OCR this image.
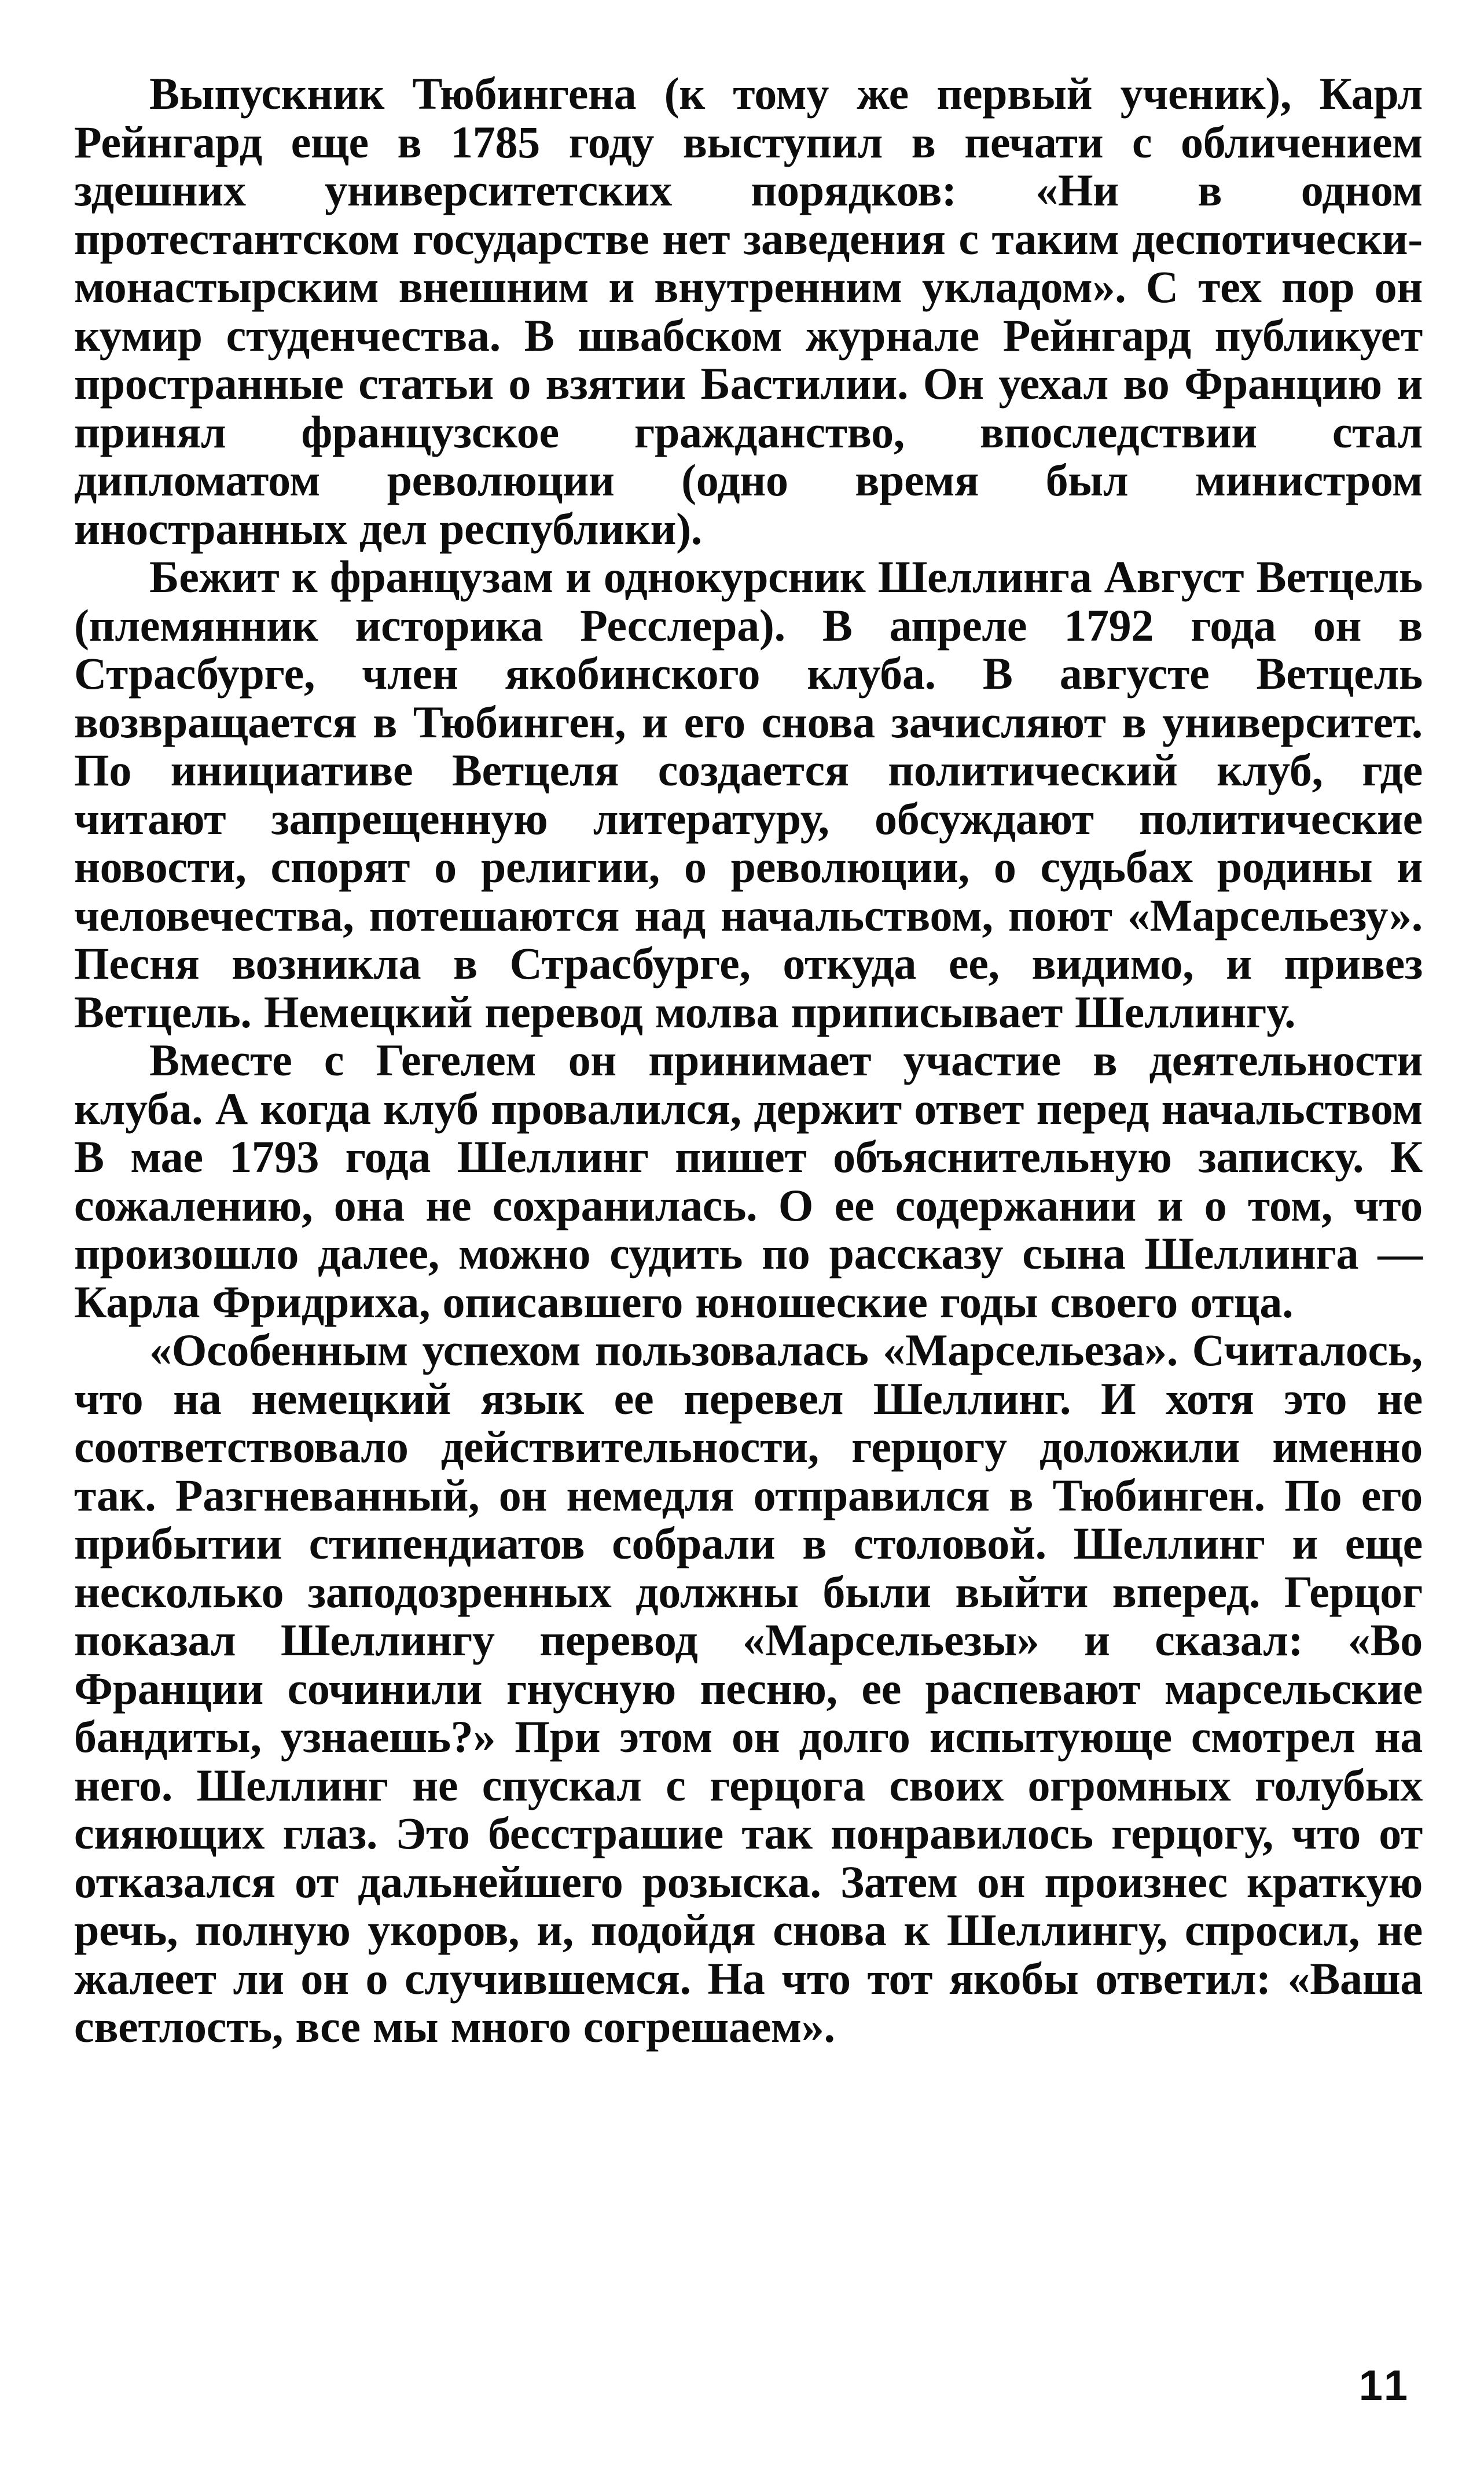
Выпускник Тюбингена (к тому же первый ученик), Карл Рейнгард еще в 1785 году выступил в печати с обличением здешних университетских порядков: «Ни в одном протестантском государстве нет заведения с таким деспотически-монастырским внешним и внутренним укладом». С тех пор он кумир студенчества. В швабском журнале Рейнгард публикует пространные статьи о взятии Бастилии. Он уехал во Францию и принял французское гражданство, впоследствии стал дипломатом революции (одно время был министром иностранных дел республики).

Бежит к французам и однокурсник Шеллинга Август Ветцель (племянник историка Ресслера). В апреле 1792 года он в Страсбурге, член якобинского клуба. В августе Ветцель возвращается в Тюбинген, и его снова зачисляют в университет. По инициативе Ветцеля создается политический клуб, где читают запрещенную литературу, обсуждают политические новости, спорят о религии, о революции, о судьбах родины и человечества, потешаются над начальством, поют «Марсельезу». Песня возникла в Страсбурге, откуда ее, видимо, и привез Ветцель. Немецкий перевод молва приписывает Шеллингу.

Вместе с Гегелем он принимает участие в деятельности клуба. А когда клуб провалился, держит ответ перед начальством В мае 1793 года Шеллинг пишет объяснительную записку. К сожалению, она не сохранилась. О ее содержании и о том, что произошло далее, можно судить по рассказу сына Шеллинга — Карла Фридриха, описавшего юношеские годы своего отца.

«Особенным успехом пользовалась «Марсельеза». Считалось, что на немецкий язык ее перевел Шеллинг. И хотя это не соответствовало действительности, герцогу доложили именно так. Разгневанный, он немедля отправился в Тюбинген. По его прибытии стипендиатов собрали в столовой. Шеллинг и еще несколько заподозренных должны были выйти вперед. Герцог показал Шеллингу перевод «Марсельезы» и сказал: «Во Франции сочинили гнусную песню, ее распевают марсельские бандиты, узнаешь?» При этом он долго испытующе смотрел на него. Шеллинг не спускал с герцога своих огромных голубых сияющих глаз. Это бесстрашие так понравилось герцогу, что от отказался от дальнейшего розыска. Затем он произнес краткую речь, полную укоров, и, подойдя снова к Шеллингу, спросил, не жалеет ли он о случившемся. На что тот якобы ответил: «Ваша светлость, все мы много согрешаем».

11
